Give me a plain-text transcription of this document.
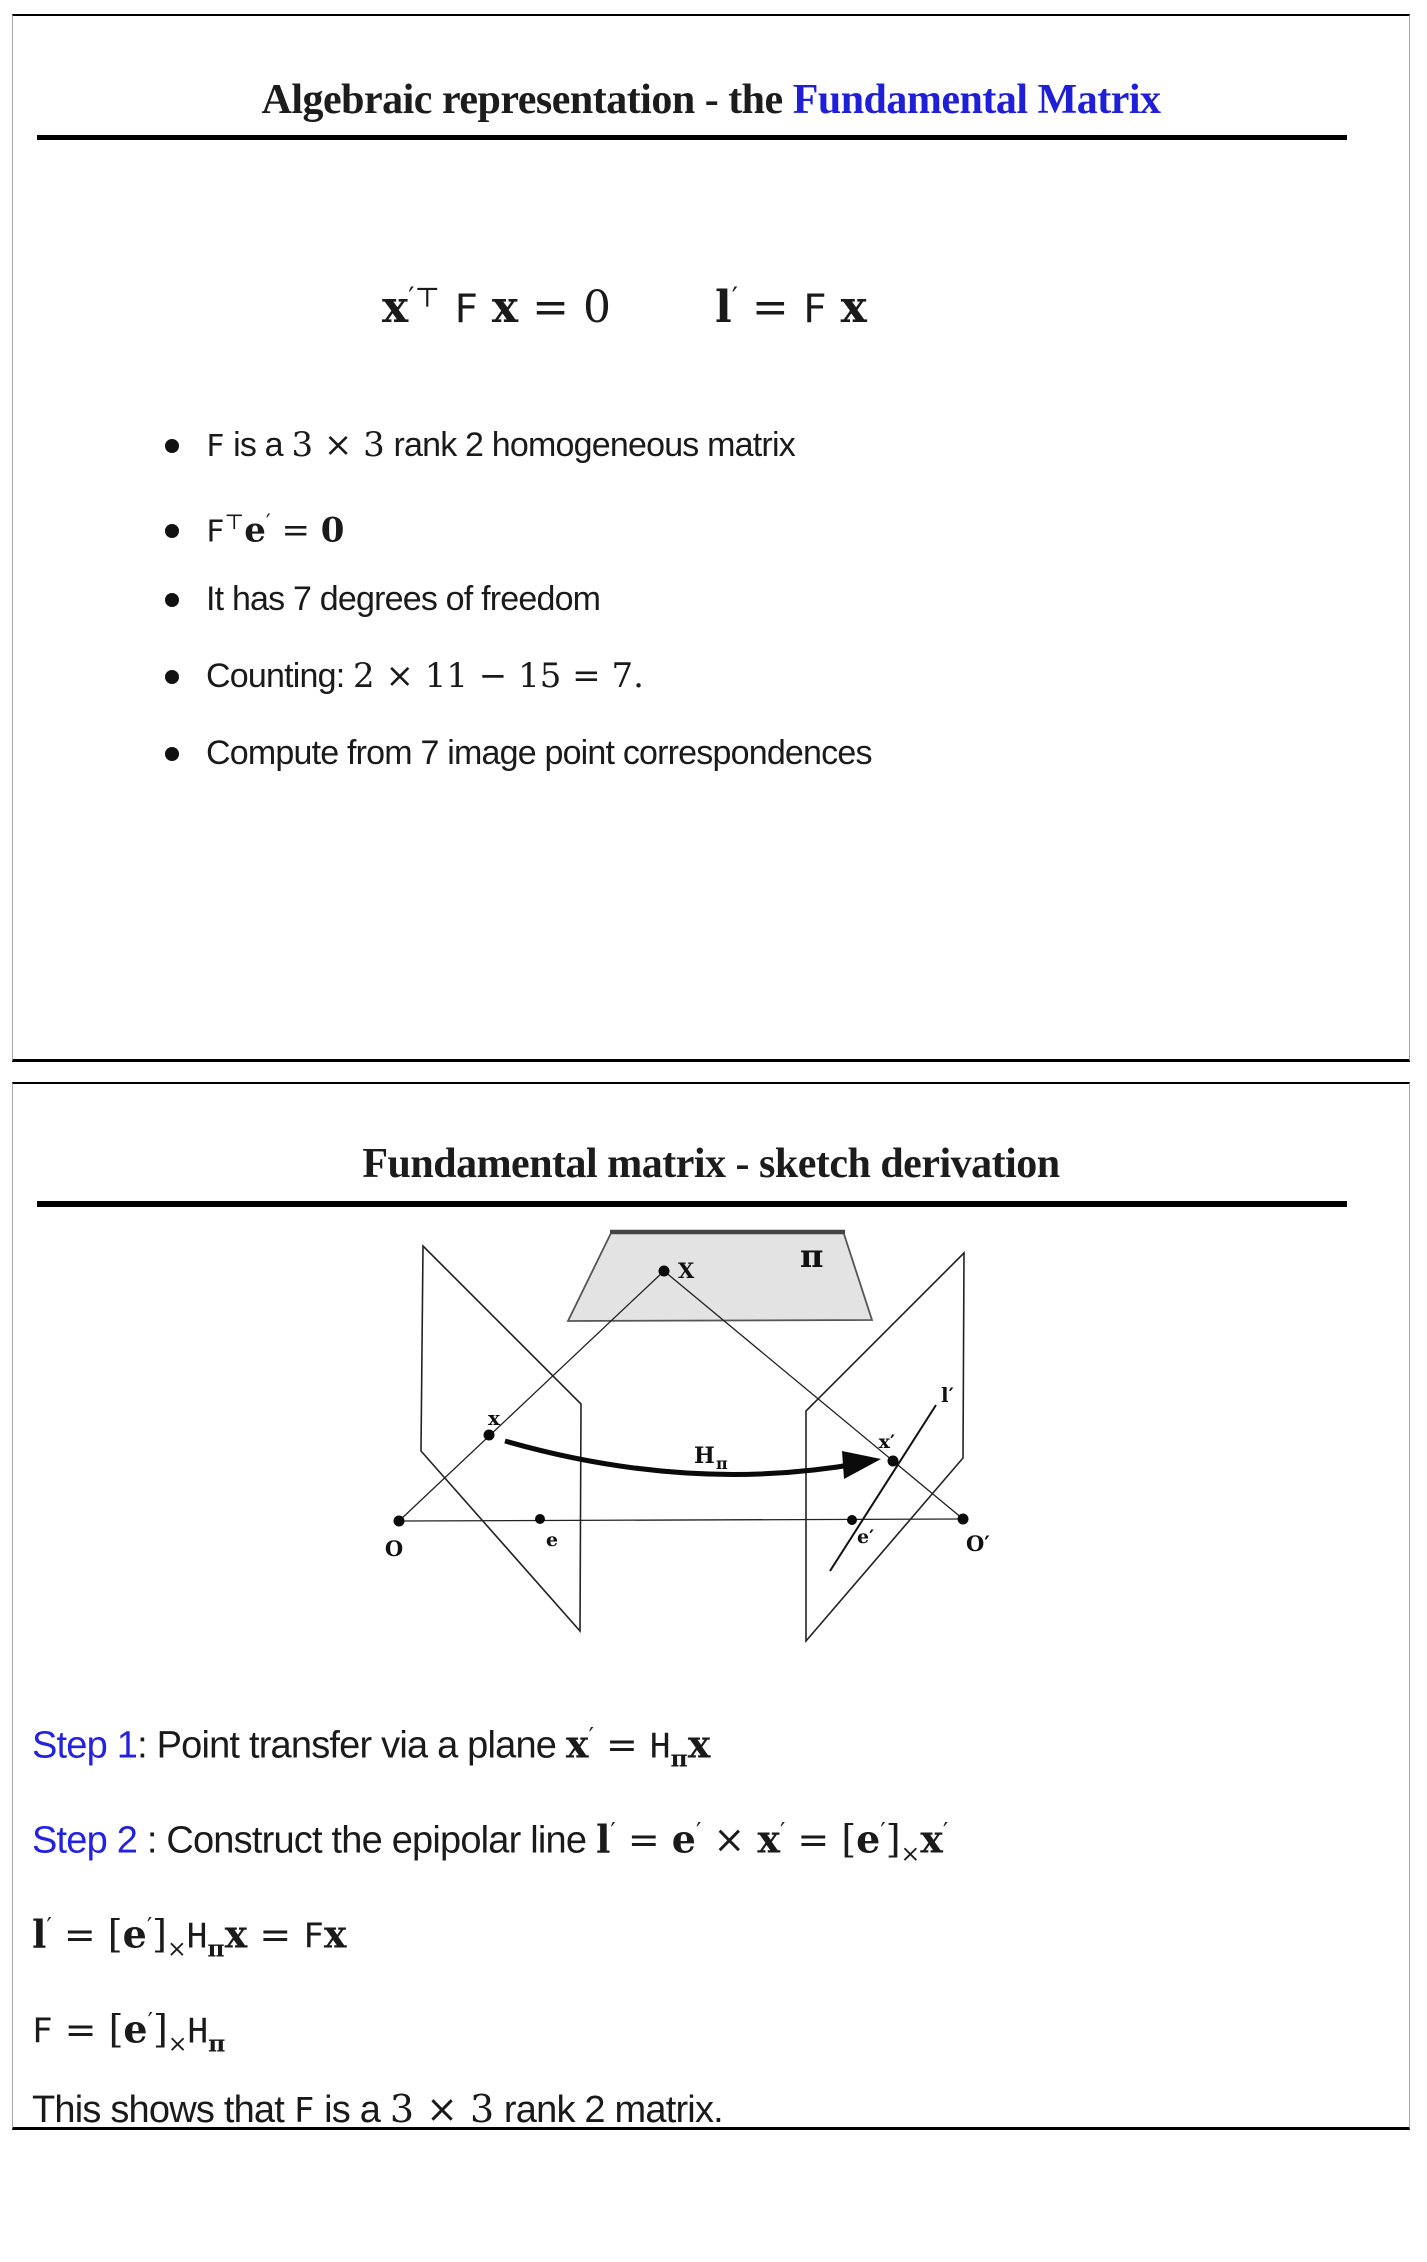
Algebraic representation - the Fundamental Matrix
x′⊤ F x = 0 l′ = F x
F is a 3 × 3 rank 2 homogeneous matrix
F⊤e′ = 0
It has 7 degrees of freedom
Counting: 2 × 11 − 15 = 7.
Compute from 7 image point correspondences
Fundamental matrix - sketch derivation
π
X
x
e
O
x′
e′	O′
l′
H π

Step 1: Point transfer via a plane $x' = H_\pi x$

Step 2 : Construct the epipolar line $l' = e' \times x' = [e']_\times x'$

$l' = [e']_\times H_\pi x = Fx$

$F = [e']_\times H_\pi$

This shows that F is a 3 × 3 rank 2 matrix.
